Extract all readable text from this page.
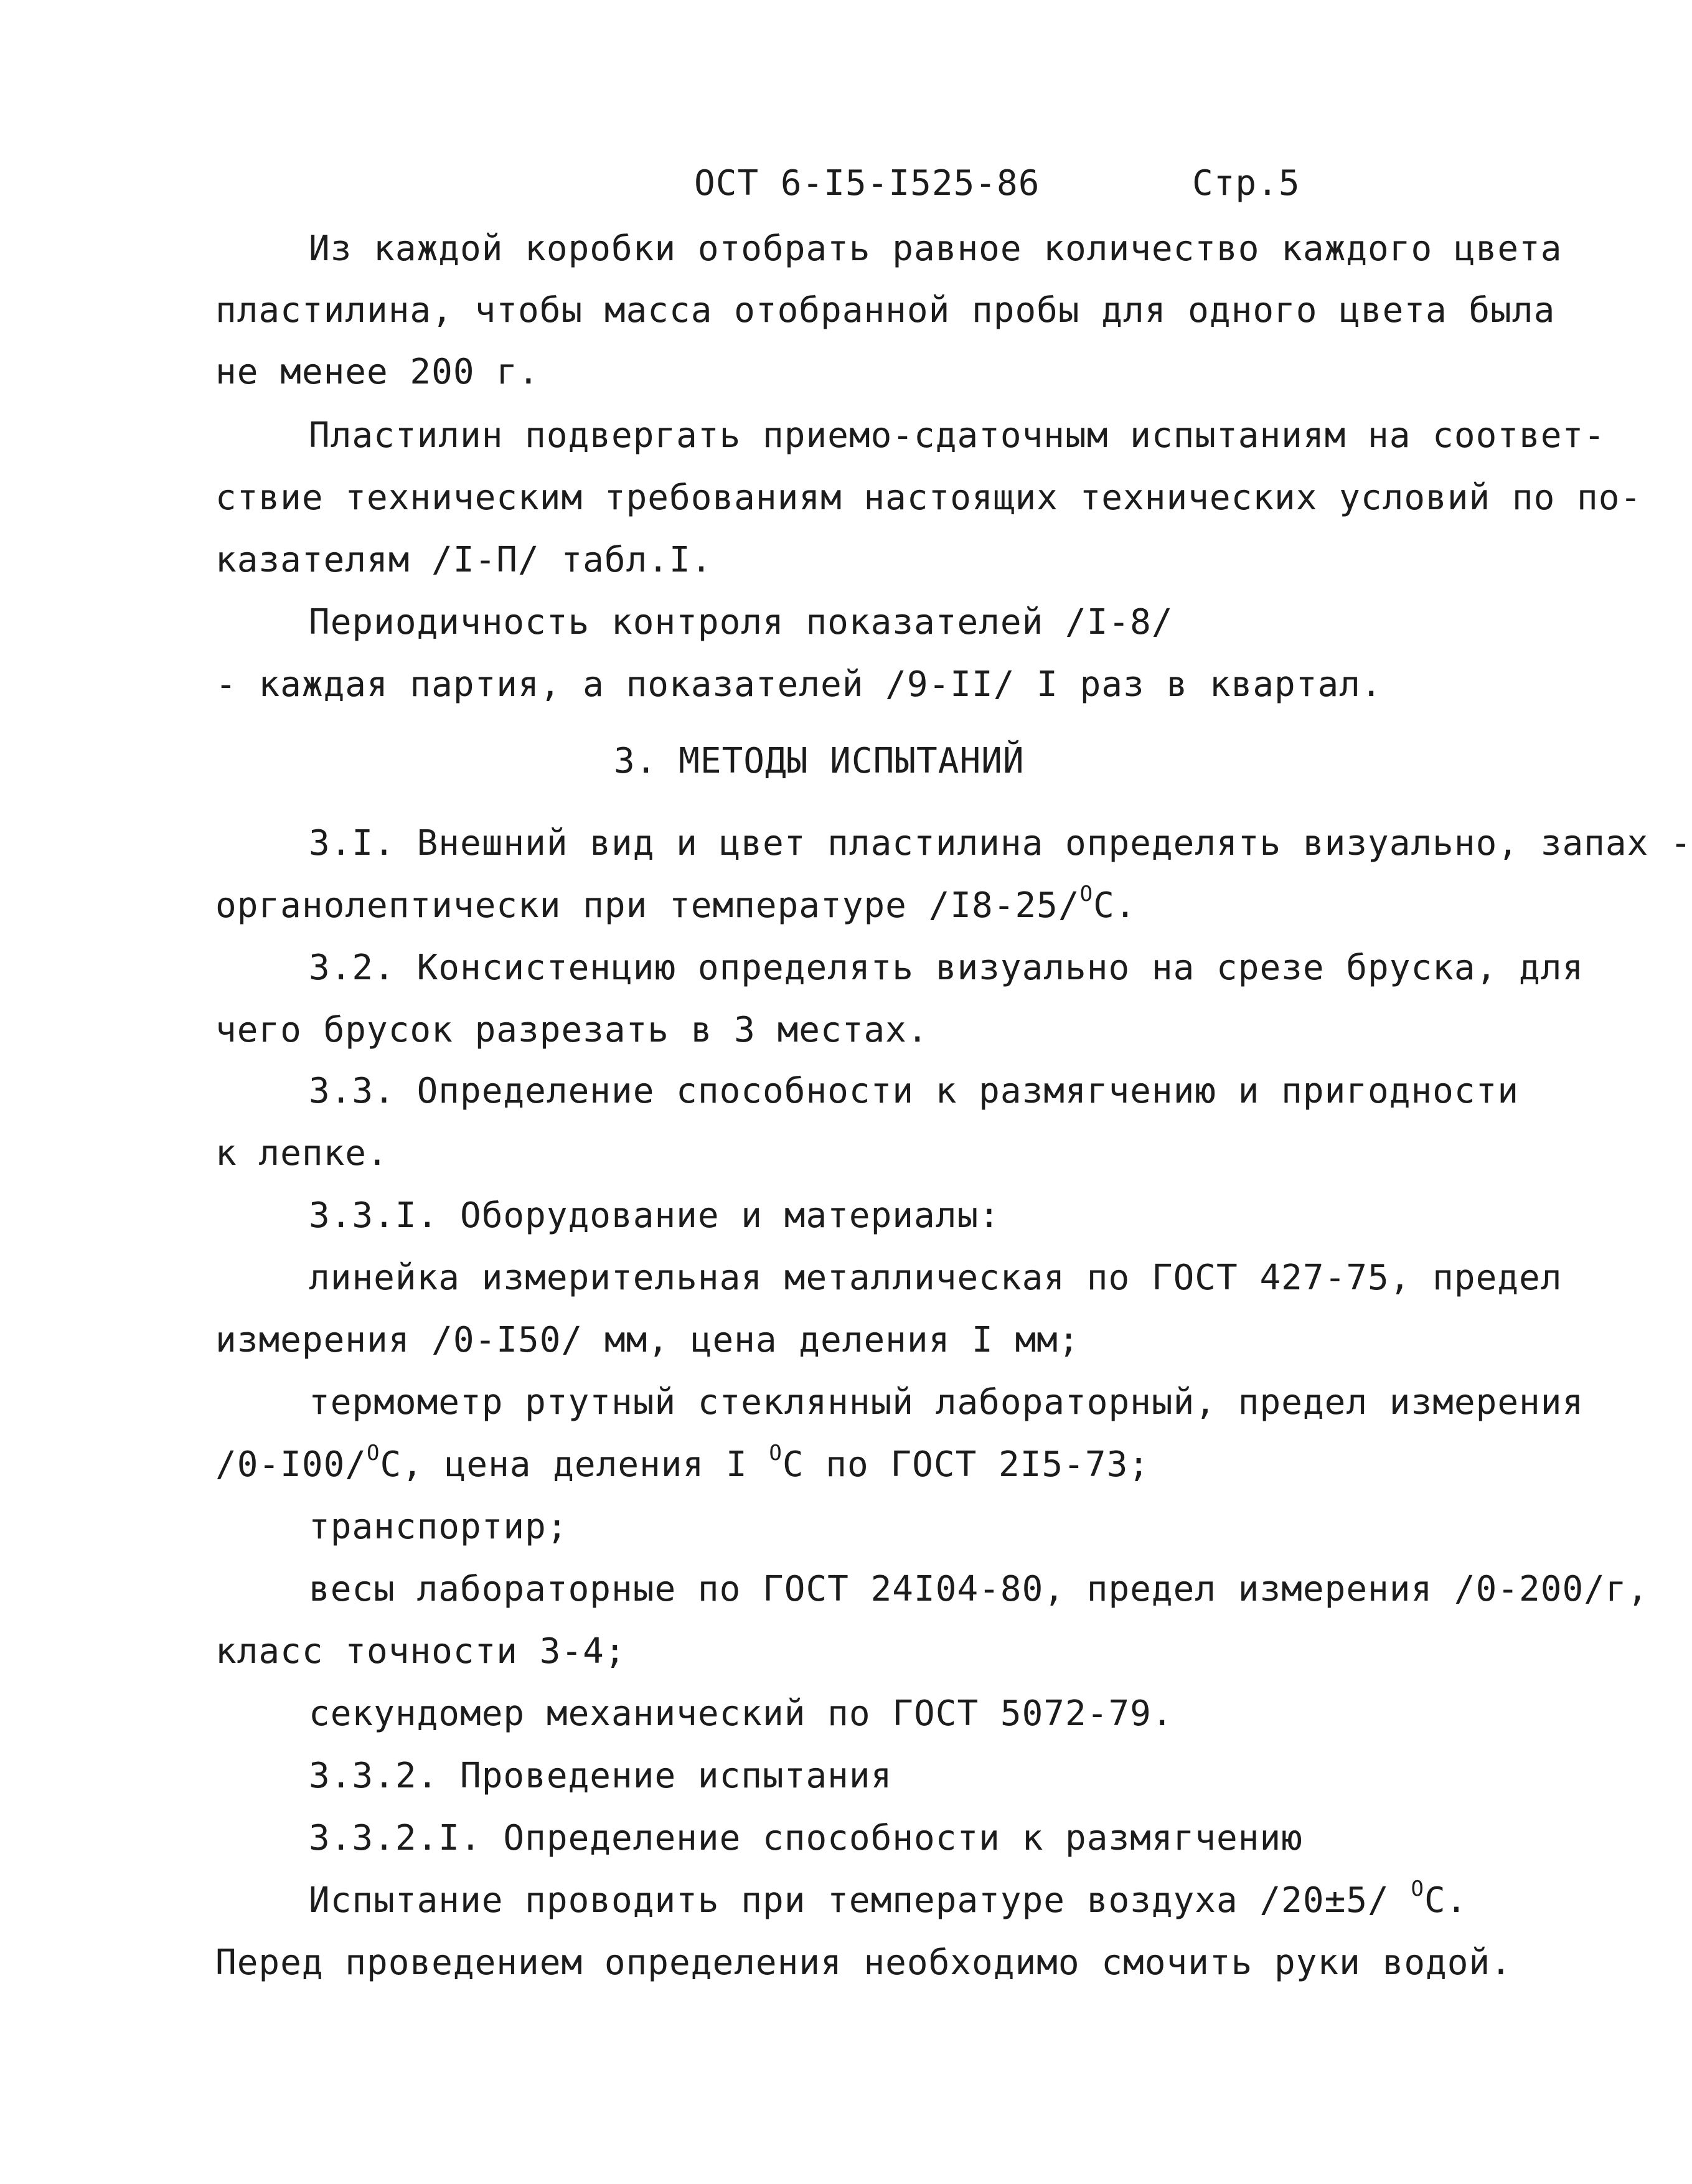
ОСТ 6-I5-I525-86	Стр.5
Из каждой коробки отобрать равное количество каждого цвета
пластилина, чтобы масса отобранной пробы для одного цвета была
не менее 200 г.
Пластилин подвергать приемо-сдаточным испытаниям на соответ-
ствие техническим требованиям настоящих технических условий по по-
казателям /I-П/ табл.I.
Периодичность контроля показателей /I-8/
- каждая партия, а показателей /9-II/ I раз в квартал.
3. МЕТОДЫ ИСПЫТАНИЙ
3.I. Внешний вид и цвет пластилина определять визуально, запах -
органолептически при температуре /I8-25/$^О$С.
3.2. Консистенцию определять визуально на срезе бруска, для
чего брусок разрезать в 3 местах.
3.3. Определение способности к размягчению и пригодности
к лепке.
3.3.I. Оборудование и материалы:
линейка измерительная металлическая по ГОСТ 427-75, предел
измерения /0-I50/ мм, цена деления I мм;
термометр ртутный стеклянный лабораторный, предел измерения
/0-I00/$^О$С, цена деления I $^О$С по ГОСТ 2I5-73;
транспортир;
весы лабораторные по ГОСТ 24I04-80, предел измерения /0-200/г,
класс точности 3-4;
секундомер механический по ГОСТ 5072-79.
3.3.2. Проведение испытания
3.3.2.I. Определение способности к размягчению
Испытание проводить при температуре воздуха /20±5/ $^О$С.
Перед проведением определения необходимо смочить руки водой.
